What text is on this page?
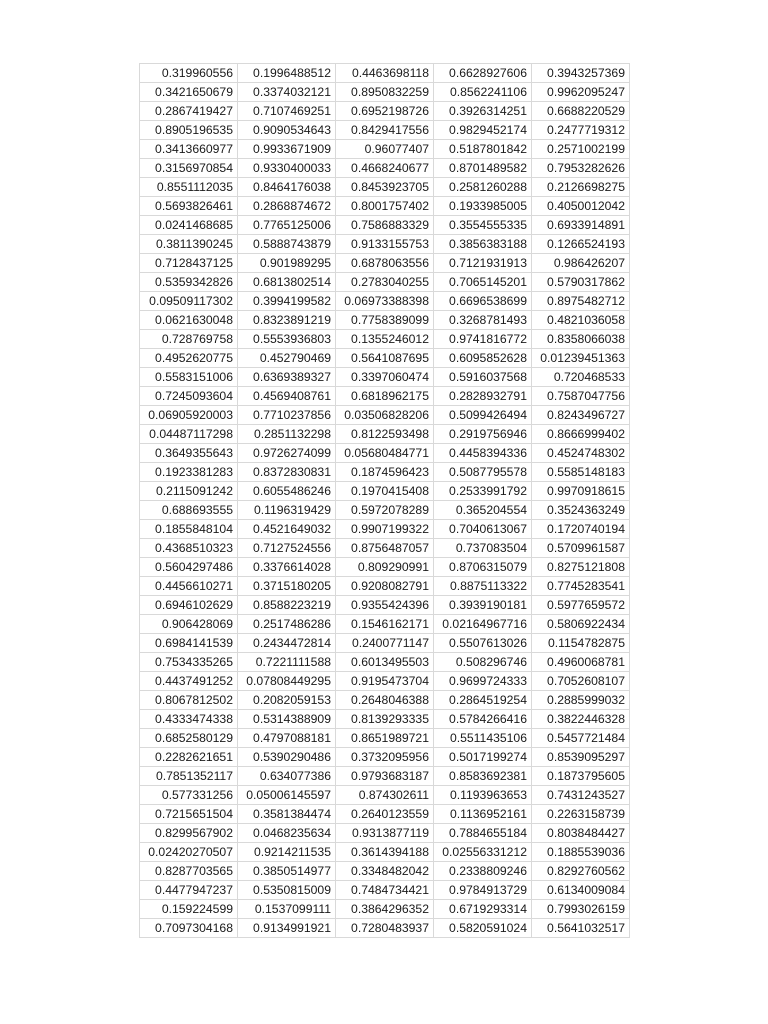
0.319960556	0.1996488512	0.4463698118	0.6628927606	0.3943257369
0.3421650679	0.3374032121	0.8950832259	0.8562241106	0.9962095247
0.2867419427	0.7107469251	0.6952198726	0.3926314251	0.6688220529
0.8905196535	0.9090534643	0.8429417556	0.9829452174	0.2477719312
0.3413660977	0.9933671909	0.96077407	0.5187801842	0.2571002199
0.3156970854	0.9330400033	0.4668240677	0.8701489582	0.7953282626
0.8551112035	0.8464176038	0.8453923705	0.2581260288	0.2126698275
0.5693826461	0.2868874672	0.8001757402	0.1933985005	0.4050012042
0.0241468685	0.7765125006	0.7586883329	0.3554555335	0.6933914891
0.3811390245	0.5888743879	0.9133155753	0.3856383188	0.1266524193
0.7128437125	0.901989295	0.6878063556	0.7121931913	0.986426207
0.5359342826	0.6813802514	0.2783040255	0.7065145201	0.5790317862
0.09509117302	0.3994199582	0.06973388398	0.6696538699	0.8975482712
0.0621630048	0.8323891219	0.7758389099	0.3268781493	0.4821036058
0.728769758	0.5553936803	0.1355246012	0.9741816772	0.8358066038
0.4952620775	0.452790469	0.5641087695	0.6095852628	0.01239451363
0.5583151006	0.6369389327	0.3397060474	0.5916037568	0.720468533
0.7245093604	0.4569408761	0.6818962175	0.2828932791	0.7587047756
0.06905920003	0.7710237856	0.03506828206	0.5099426494	0.8243496727
0.04487117298	0.2851132298	0.8122593498	0.2919756946	0.8666999402
0.3649355643	0.9726274099	0.05680484771	0.4458394336	0.4524748302
0.1923381283	0.8372830831	0.1874596423	0.5087795578	0.5585148183
0.2115091242	0.6055486246	0.1970415408	0.2533991792	0.9970918615
0.688693555	0.1196319429	0.5972078289	0.365204554	0.3524363249
0.1855848104	0.4521649032	0.9907199322	0.7040613067	0.1720740194
0.4368510323	0.7127524556	0.8756487057	0.737083504	0.5709961587
0.5604297486	0.3376614028	0.809290991	0.8706315079	0.8275121808
0.4456610271	0.3715180205	0.9208082791	0.8875113322	0.7745283541
0.6946102629	0.8588223219	0.9355424396	0.3939190181	0.5977659572
0.906428069	0.2517486286	0.1546162171	0.02164967716	0.5806922434
0.6984141539	0.2434472814	0.2400771147	0.5507613026	0.1154782875
0.7534335265	0.7221111588	0.6013495503	0.508296746	0.4960068781
0.4437491252	0.07808449295	0.9195473704	0.9699724333	0.7052608107
0.8067812502	0.2082059153	0.2648046388	0.2864519254	0.2885999032
0.4333474338	0.5314388909	0.8139293335	0.5784266416	0.3822446328
0.6852580129	0.4797088181	0.8651989721	0.5511435106	0.5457721484
0.2282621651	0.5390290486	0.3732095956	0.5017199274	0.8539095297
0.7851352117	0.634077386	0.9793683187	0.8583692381	0.1873795605
0.577331256	0.05006145597	0.874302611	0.1193963653	0.7431243527
0.7215651504	0.3581384474	0.2640123559	0.1136952161	0.2263158739
0.8299567902	0.0468235634	0.9313877119	0.7884655184	0.8038484427
0.02420270507	0.9214211535	0.3614394188	0.02556331212	0.1885539036
0.8287703565	0.3850514977	0.3348482042	0.2338809246	0.8292760562
0.4477947237	0.5350815009	0.7484734421	0.9784913729	0.6134009084
0.159224599	0.1537099111	0.3864296352	0.6719293314	0.7993026159
0.7097304168	0.9134991921	0.7280483937	0.5820591024	0.5641032517
